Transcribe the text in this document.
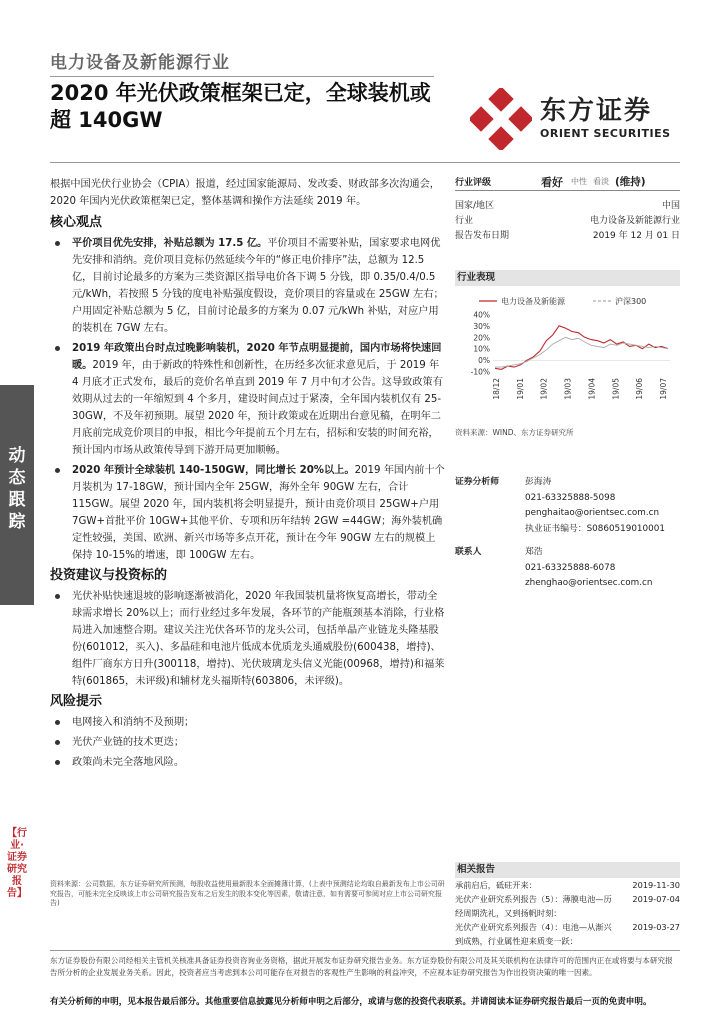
电力设备及新能源行业
2020 年光伏政策框架已定，全球装机或超 140GW	东方证券
ORIENT SECURITIES
动态跟踪
【行业·证券研究报告】

根据中国光伏行业协会（CPIA）报道，经过国家能源局、发改委、财政部多次沟通会，2020 年国内光伏政策框架已定，整体基调和操作方法延续 2019 年。

核心观点
平价项目优先安排，补贴总额为 17.5 亿。平价项目不需要补贴，国家要求电网优先安排和消纳。竞价项目竞标仍然延续今年的“修正电价排序”法，总额为 12.5 亿，目前讨论最多的方案为三类资源区指导电价各下调 5 分钱，即 0.35/0.4/0.5 元/kWh，若按照 5 分钱的度电补贴强度假设，竞价项目的容量或在 25GW 左右；户用固定补贴总额为 5 亿，目前讨论最多的方案为 0.07 元/kWh 补贴，对应户用的装机在 7GW 左右。
2019 年政策出台时点过晚影响装机，2020 年节点明显提前，国内市场将快速回暖。2019 年，由于新政的特殊性和创新性，在历经多次征求意见后，于 2019 年 4 月底才正式发布，最后的竞价名单直到 2019 年 7 月中旬才公告。这导致政策有效期从过去的一年缩短到 4 个多月，建设时间点过于紧凑，全年国内装机仅有 25-30GW，不及年初预期。展望 2020 年，预计政策或在近期出台意见稿，在明年二月底前完成竞价项目的申报，相比今年提前五个月左右，招标和安装的时间充裕，预计国内市场从政策传导到下游开局更加顺畅。
2020 年预计全球装机 140-150GW，同比增长 20%以上。2019 年国内前十个月装机为 17-18GW，预计国内全年 25GW，海外全年 90GW 左右，合计 115GW。展望 2020 年，国内装机将会明显提升，预计由竞价项目 25GW+户用 7GW+首批平价 10GW+其他平价、专项和历年结转 2GW =44GW；海外装机确定性较强，美国、欧洲、新兴市场等多点开花，预计在今年 90GW 左右的规模上保持 10-15%的增速，即 100GW 左右。
投资建议与投资标的
光伏补贴快速退坡的影响逐渐被消化，2020 年我国装机量将恢复高增长，带动全球需求增长 20%以上；而行业经过多年发展，各环节的产能瓶颈基本消除，行业格局进入加速整合期。建议关注光伏各环节的龙头公司，包括单晶产业链龙头隆基股份(601012，买入)、多晶硅和电池片低成本优质龙头通威股份(600438，增持)、组件厂商东方日升(300118，增持)、光伏玻璃龙头信义光能(00968，增持)和福莱特(601865，未评级)和辅材龙头福斯特(603806，未评级)。
风险提示
电网接入和消纳不及预期；
光伏产业链的技术更迭；
政策尚未完全落地风险。
行业评级	看好 中性 看淡 (维持)
国家/地区	中国
行业	电力设备及新能源行业
报告发布日期	2019 年 12 月 01 日
行业表现
电力设备及新能源	沪深300
40%
30%
20%
10%
0%
-10%
18/12 19/01 19/02 19/03 19/04 19/05 19/06 19/07
资料来源：WIND、东方证券研究所
证券分析师	彭海涛
021-63325888-5098
penghaitao@orientsec.com.cn
执业证书编号：S0860519010001
联系人	郑浩
021-63325888-6078
zhenghao@orientsec.com.cn
相关报告
承前启后，砥砫开来：	2019-11-30
光伏产业研究系列报告（5）：薄膜电池—历经周期洗礼，又到扬帆时刻：
2019-07-04
光伏产业研究系列报告（4）：电池—从渐兴到成熟，行业属性迎来质变一跃：
2019-03-27
资料来源：公司数据，东方证券研究所预测，每股收益使用最新股本全面摊薄计算，(上表中预测结论均取自最新发布上市公司研究报告，可能未完全反映该上市公司研究报告发布之后发生的股本变化等因素，敬请注意，如有需要可参阅对应上市公司研究报告)
东方证券股份有限公司经相关主管机关核准具备证券投资咨询业务资格，据此开展发布证券研究报告业务。东方证券股份有限公司及其关联机构在法律许可的范围内正在或将要与本研究报告所分析的企业发展业务关系。因此，投资者应当考虑到本公司可能存在对报告的客观性产生影响的利益冲突，不应视本证券研究报告为作出投资决策的唯一因素。
有关分析师的申明，见本报告最后部分。其他重要信息披露见分析师申明之后部分，或请与您的投资代表联系。并请阅读本证券研究报告最后一页的免责申明。
